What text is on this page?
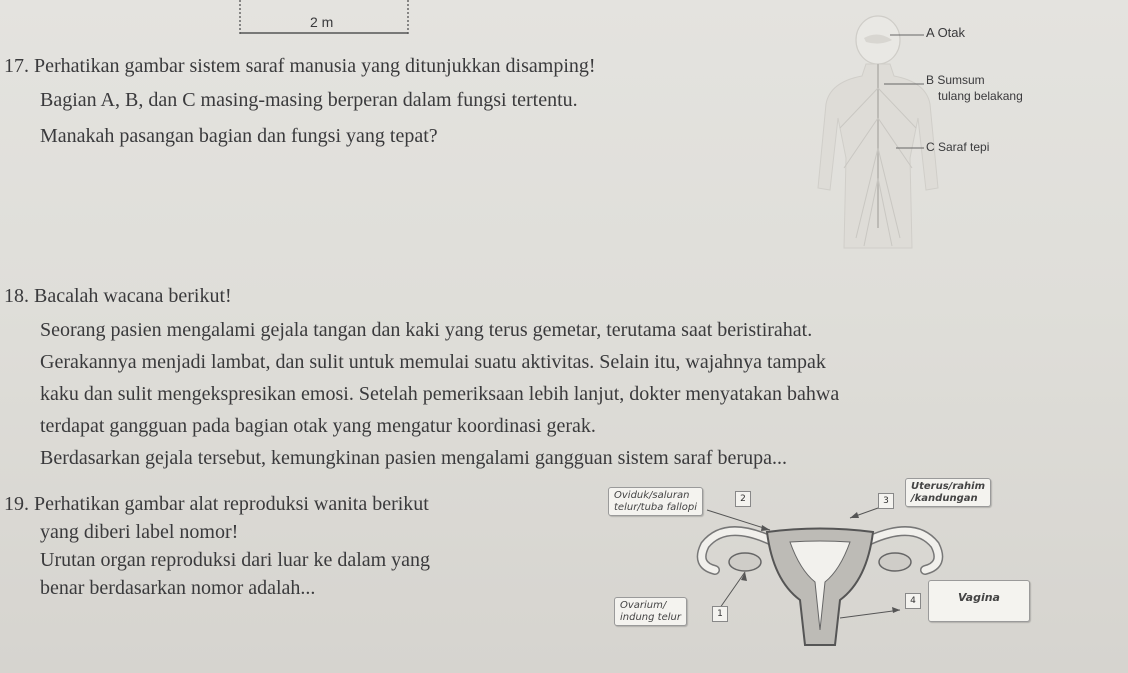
2 m
17. Perhatikan gambar sistem saraf manusia yang ditunjukkan disamping!
Bagian A, B, dan C masing-masing berperan dalam fungsi tertentu.
Manakah pasangan bagian dan fungsi yang tepat?
A Otak
B Sumsum
tulang belakang
C Saraf tepi
18. Bacalah wacana berikut!
Seorang pasien mengalami gejala tangan dan kaki yang terus gemetar, terutama saat beristirahat.
Gerakannya menjadi lambat, dan sulit untuk memulai suatu aktivitas. Selain itu, wajahnya tampak
kaku dan sulit mengekspresikan emosi. Setelah pemeriksaan lebih lanjut, dokter menyatakan bahwa
terdapat gangguan pada bagian otak yang mengatur koordinasi gerak.
Berdasarkan gejala tersebut, kemungkinan pasien mengalami gangguan sistem saraf berupa...
19. Perhatikan gambar alat reproduksi wanita berikut
yang diberi label nomor!
Urutan organ reproduksi dari luar ke dalam yang
benar berdasarkan nomor adalah...
Oviduk/saluran
telur/tuba fallopi
2	3
Uterus/rahim
/kandungan
Ovarium/
indung telur	1
4	Vagina
